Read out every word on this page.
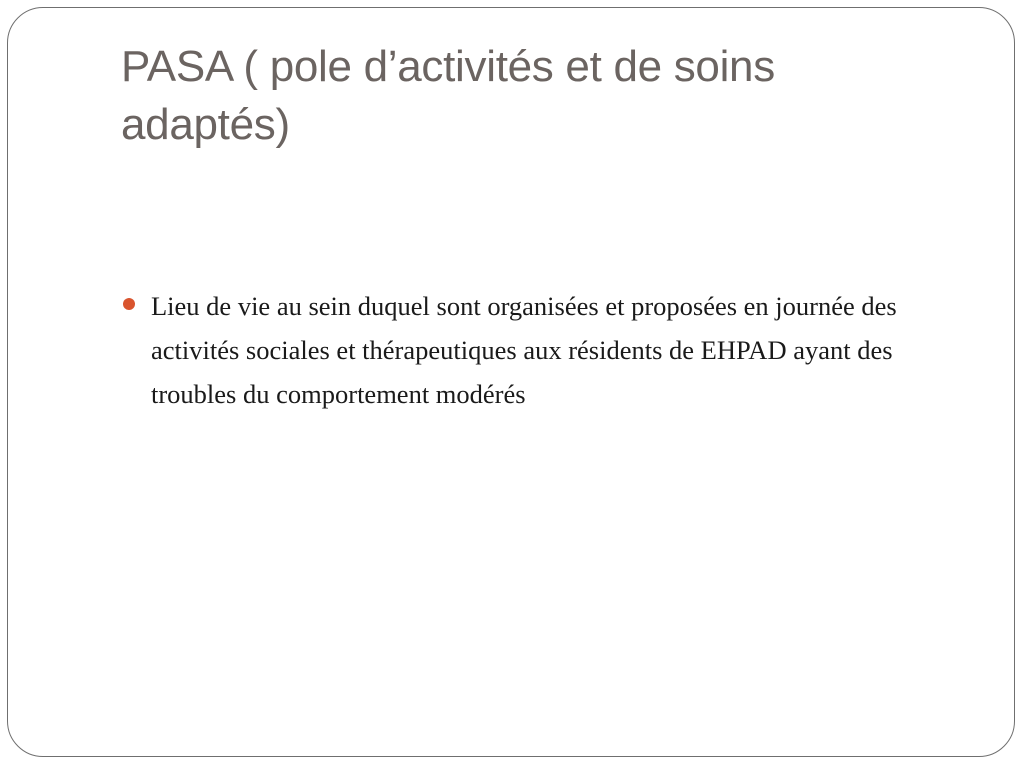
PASA ( pole d’activités et de soins adaptés)
Lieu de vie au sein duquel sont organisées et proposées en journée des activités sociales et thérapeutiques aux résidents de EHPAD ayant des troubles du comportement modérés
